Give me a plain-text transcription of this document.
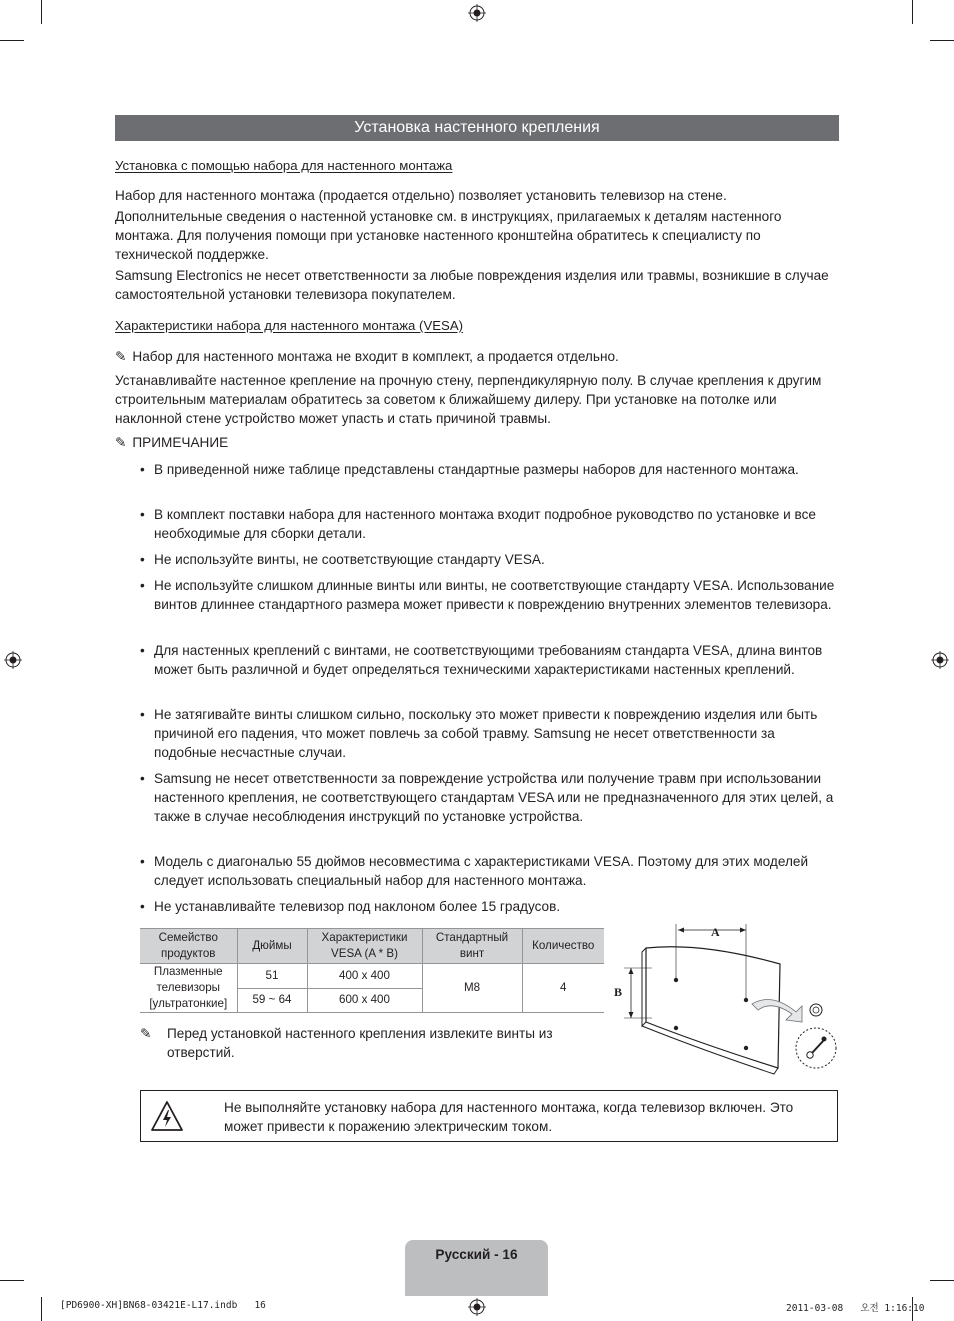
Установка настенного крепления
Установка с помощью набора для настенного монтажа
Набор для настенного монтажа (продается отдельно) позволяет установить телевизор на стене.
Дополнительные сведения о настенной установке см. в инструкциях, прилагаемых к деталям настенного монтажа. Для получения помощи при установке настенного кронштейна обратитесь к специалисту по технической поддержке.
Samsung Electronics не несет ответственности за любые повреждения изделия или травмы, возникшие в случае самостоятельной установки телевизора покупателем.
Характеристики набора для настенного монтажа (VESA)
✎ Набор для настенного монтажа не входит в комплект, а продается отдельно.
Устанавливайте настенное крепление на прочную стену, перпендикулярную полу. В случае крепления к другим строительным материалам обратитесь за советом к ближайшему дилеру. При установке на потолке или наклонной стене устройство может упасть и стать причиной травмы.
✎ ПРИМЕЧАНИЕ
• В приведенной ниже таблице представлены стандартные размеры наборов для настенного монтажа.
• В комплект поставки набора для настенного монтажа входит подробное руководство по установке и все необходимые для сборки детали.
• Не используйте винты, не соответствующие стандарту VESA.
• Не используйте слишком длинные винты или винты, не соответствующие стандарту VESA. Использование винтов длиннее стандартного размера может привести к повреждению внутренних элементов телевизора.
• Для настенных креплений с винтами, не соответствующими требованиям стандарта VESA, длина винтов может быть различной и будет определяться техническими характеристиками настенных креплений.
• Не затягивайте винты слишком сильно, поскольку это может привести к повреждению изделия или быть причиной его падения, что может повлечь за собой травму. Samsung не несет ответственности за подобные несчастные случаи.
• Samsung не несет ответственности за повреждение устройства или получение травм при использовании настенного крепления, не соответствующего стандартам VESA или не предназначенного для этих целей, а также в случае несоблюдения инструкций по установке устройства.
• Модель с диагональю 55 дюймов несовместима с характеристиками VESA. Поэтому для этих моделей следует использовать специальный набор для настенного монтажа.
• Не устанавливайте телевизор под наклоном более 15 градусов.
Семейство продуктов	Дюймы	Характеристики VESA (A * B)	Стандартный винт	Количество
Плазменные телевизоры [ультратонкие]	51	400 x 400	M8	4
	59 ~ 64	600 x 400		
✎ Перед установкой настенного крепления извлеките винты из отверстий.
A
B
Не выполняйте установку набора для настенного монтажа, когда телевизор включен. Это может привести к поражению электрическим током.
Русский - 16
[PD6900-XH]BN68-03421E-L17.indb   16	2011-03-08   오전 1:16:10
